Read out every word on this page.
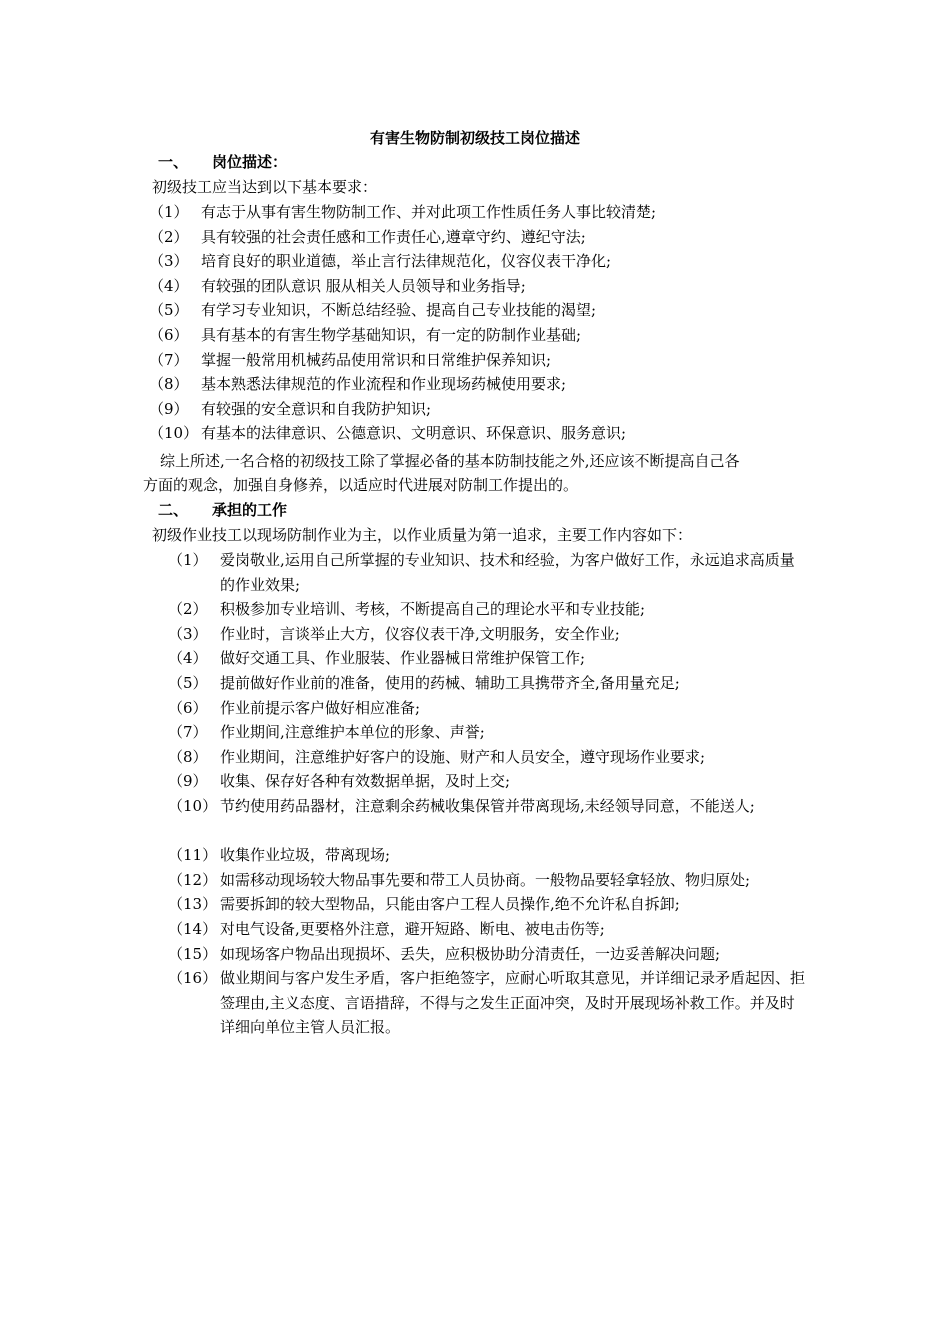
有害生物防制初级技工岗位描述
一、 岗位描述：
初级技工应当达到以下基本要求：
（1） 有志于从事有害生物防制工作、并对此项工作性质任务人事比较清楚;
（2） 具有较强的社会责任感和工作责任心,遵章守约、遵纪守法;
（3） 培育良好的职业道德，举止言行法律规范化，仪容仪表干净化;
（4） 有较强的团队意识 服从相关人员领导和业务指导;
（5） 有学习专业知识，不断总结经验、提高自己专业技能的渴望;
（6） 具有基本的有害生物学基础知识，有一定的防制作业基础;
（7） 掌握一般常用机械药品使用常识和日常维护保养知识;
（8） 基本熟悉法律规范的作业流程和作业现场药械使用要求;
（9） 有较强的安全意识和自我防护知识;
（10） 有基本的法律意识、公德意识、文明意识、环保意识、服务意识;
综上所述,一名合格的初级技工除了掌握必备的基本防制技能之外,还应该不断提高自己各
方面的观念，加强自身修养，以适应时代进展对防制工作提出的。
二、 承担的工作
初级作业技工以现场防制作业为主，以作业质量为第一追求，主要工作内容如下：
（1） 爱岗敬业,运用自己所掌握的专业知识、技术和经验，为客户做好工作，永远追求高质量的作业效果;
（2） 积极参加专业培训、考核，不断提高自己的理论水平和专业技能;
（3） 作业时，言谈举止大方，仪容仪表干净,文明服务，安全作业;
（4） 做好交通工具、作业服装、作业器械日常维护保管工作;
（5） 提前做好作业前的准备，使用的药械、辅助工具携带齐全,备用量充足;
（6） 作业前提示客户做好相应准备;
（7） 作业期间,注意维护本单位的形象、声誉;
（8） 作业期间，注意维护好客户的设施、财产和人员安全，遵守现场作业要求;
（9） 收集、保存好各种有效数据单据，及时上交;
（10） 节约使用药品器材，注意剩余药械收集保管并带离现场,未经领导同意，不能送人;
（11） 收集作业垃圾，带离现场;
（12） 如需移动现场较大物品事先要和带工人员协商。一般物品要轻拿轻放、物归原处;
（13） 需要拆卸的较大型物品，只能由客户工程人员操作,绝不允许私自拆卸;
（14） 对电气设备,更要格外注意，避开短路、断电、被电击伤等;
（15） 如现场客户物品出现损坏、丢失，应积极协助分清责任，一边妥善解决问题;
（16） 做业期间与客户发生矛盾，客户拒绝签字，应耐心听取其意见，并详细记录矛盾起因、拒签理由,主义态度、言语措辞，不得与之发生正面冲突，及时开展现场补救工作。并及时详细向单位主管人员汇报。
